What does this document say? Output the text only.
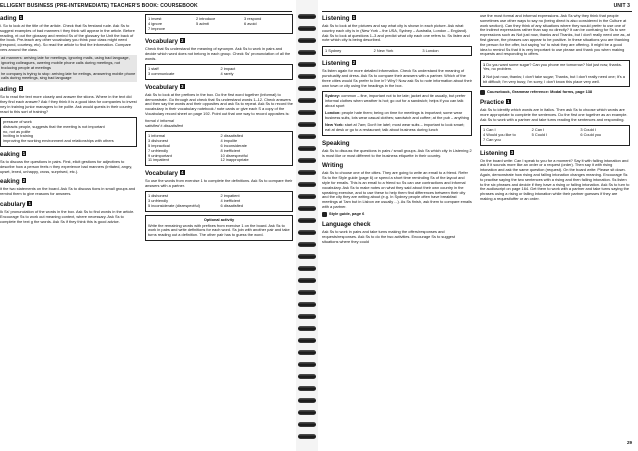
ELLIGENT BUSINESS (PRE-INTERMEDIATE) TEACHER'S BOOK: COURSEBOOK
ading 1

i. So to look at the title of the article. Check that Ss ferstand rude. Ask Ss to suggest examples of bad manners t they think will appear in the article. Before reading, nt out the glossary and remind Ss of the glossary for Unit the back of the book. Pre-teach any other vocabulary you think your class might need (respond, courtesy, etc). So read the article to find the information. Compare vers around the class.

ad manners: arriving late for meetings, ignoring mails, using bad language, ignoring colleagues, owering mobile phone calls during meetings, not troducing people at meetings

he company is trying to stop: arriving late for eetings, answering mobile phone calls during meetings, sing bad language

ading 2

So to read the text more closely and answer the stions. Where in the text did they find each answer? Ask f they think it is a good idea for companies to invest ney in training junior managers to be polite. Ask would quests in their country react to this sort of training?

pressure of work
distracts people, suggests that the meeting is not important
no, not as polite
inviting in training
improving the working environment and relationships with others
eaking 1

Ss to discuss the questions in pairs. First, elicit gestions for adjectives to describe how a person feels n they experience bad manners (irritated, angry, upset, lexed, unhappy, cross, surprised, etc.).

eaking 2

it the two statements on the board. Ask Ss to discuss tions in small groups and remind them to give reasons for answers.

cabulary 1

Ik Ss' pronunciation of the words in the box. Ask Ss to find words in the article. Encourage Ss to work out meaning context, where necessary. Ask Ss to complete the text g the words. Ask Ss if they think this is good advice.

1 invest	2 introduce	3 respond
4 ignore	5 admit	6 avoid
7 improve
Vocabulary 2

Check that Ss understand the meaning of synonym. Ask Ss to work in pairs and decide which word does not belong in each group. Check Ss' pronunciation of all the words.

1 staff	2 impact
3 communicate	4 rarely
Vocabulary 3

Ask Ss to look at the prefixes in the box. Do the first word together (informal) to demonstrate. Go through and check that Ss understand words 1–12. Check answers and then say the words and their opposites and ask Ss to repeat. Ask Ss to record the vocabulary in their vocabulary notebook / note cards or give each S a copy of the Vocabulary record sheet on page 192. Point out that one way to record opposites is:

formal ≠ informal
satisfied ≠ dissatisfied

1 informal	2 dissatisfied
3 dishonest	4 impolite
5 impractical	6 inconsiderate
7 unfriendly	8 inefficient
9 unimportant	10 disrespectful
11 impatient	12 inappropriate
Vocabulary 4

So use the words from exercise 1 to complete the definitions. Ask Ss to compare their answers with a partner.

1 dishonest	2 impatient
3 unfriendly	4 inefficient
5 inconsiderate (disrespectful)	6 dissatisfied
Optional activity
Write the remaining words with prefixes from exercise 1 on the board. Ask Ss to work in pairs and write definitions for each word. Ss join with another pair and take turns reading out a definition. The other pair has to guess the word.
UNIT 3
Listening 1

Ask Ss to look at the pictures and say what city is shown in each picture. Ask what country each city is in (New York – the USA, Sydney – Australia, London – England). Ask Ss to look at questions 1–3 and predict what city each one refers to. Ss listen and note which city is being described.

1 Sydney	2 New York	3 London
Listening 2

Ss listen again for more detailed information. Check Ss understand the meaning of punctuality and dress. Ask Ss to compare their answers with a partner. Which of the three cities would Ss prefer to live in? Why? Now ask Ss to note information about their own town or city using the headings in the box.

Sydney: common – fine, important not to be late; jacket and tie usually, but prefer informal clothes when weather is hot; go out for a sandwich; helps if you can talk about sport

London: people hate them; being on time for meetings is important; some wear business suits, lots wear casual clothes; sandwich and coffee; at the pub – anything

New York: start at 7am; Don't be late!; most wear suits – important to look smart; eat at desk or go to a restaurant; talk about business during lunch

Speaking

Ask Ss to discuss the questions in pairs / small groups. Ask Ss which city in Listening 2 is most like or most different to the business etiquette in their country.

Writing

Ask Ss to choose one of the cities. They are going to write an email to a friend. Refer Ss to the Style guide (page 6) or spend a short time reminding Ss of the layout and style for emails. This is an email to a friend so Ss can use contractions and informal vocabulary. Ask Ss to make notes on what they said about their own country in the speaking exercise, and to use these to help them find differences between their city and the city they are writing about (e.g. In Sydney people often have breakfast meetings at 7am but in Lisbon we usually ...). As Ss finish, ask them to compare emails with a partner.

Style guide, page 6
Language check

Ask Ss to work in pairs and take turns making the offers/responses and requests/responses. Ask Ss to do the two activities. Encourage Ss to suggest situations where they could

use the most formal and informal expressions. Ask Ss why they think that people sometimes use other ways to say no (being direct is also considered in the Culture at work section). Can they think of any situations where they would prefer to use one of the indirect expressions rather than say no directly? It can be confusing for Ss to see expressions such as Not just now, thanks and Thanks, but I don't really need one as, at first glance, the phrases can appear to be positive. In these situations you are thanking the person for the offer, but saying 'no' to what they are offering. It might be a good idea to remind Ss that it is very important to use please and thank you when making requests and responding to offers.

1 Do you want some sugar? Can you phone me tomorrow? Not just now, thanks. Yes, no problem.

2 Not just now, thanks; I don't take sugar; Thanks, but I don't really need one; It's a bit difficult; I'm very busy; I'm sorry; I don't know this place very well.

Coursebook, Grammar reference: Modal forms, page 138
Practice 1

Ask Ss to identify which words are in italics. Then ask Ss to choose which words are more appropriate to complete the sentences. Do the first one together as an example. Ask Ss to work with a partner and take turns reading the sentences and responding.

1 Can I	2 Can I	3 Could I
4 Would you like to	5 Could I	6 Could you
7 Can you
Listening 3

On the board write: Can I speak to you for a moment? Say it with falling intonation and ask if it sounds more like an order or a request (order). Then say it with rising intonation and ask the same question (request). On the board write: Please sit down. Again, demonstrate how rising and falling intonation changes meaning. Encourage Ss to practise saying the two sentences with a rising and then falling intonation. Ss listen to the six phrases and decide if they have a rising or falling intonation. Ask Ss to turn to the audioscript on page 164. Get them to work with a partner and take turns saying the phrases using a rising or falling intonation while their partner guesses if they are making a request/offer or an order.

29
